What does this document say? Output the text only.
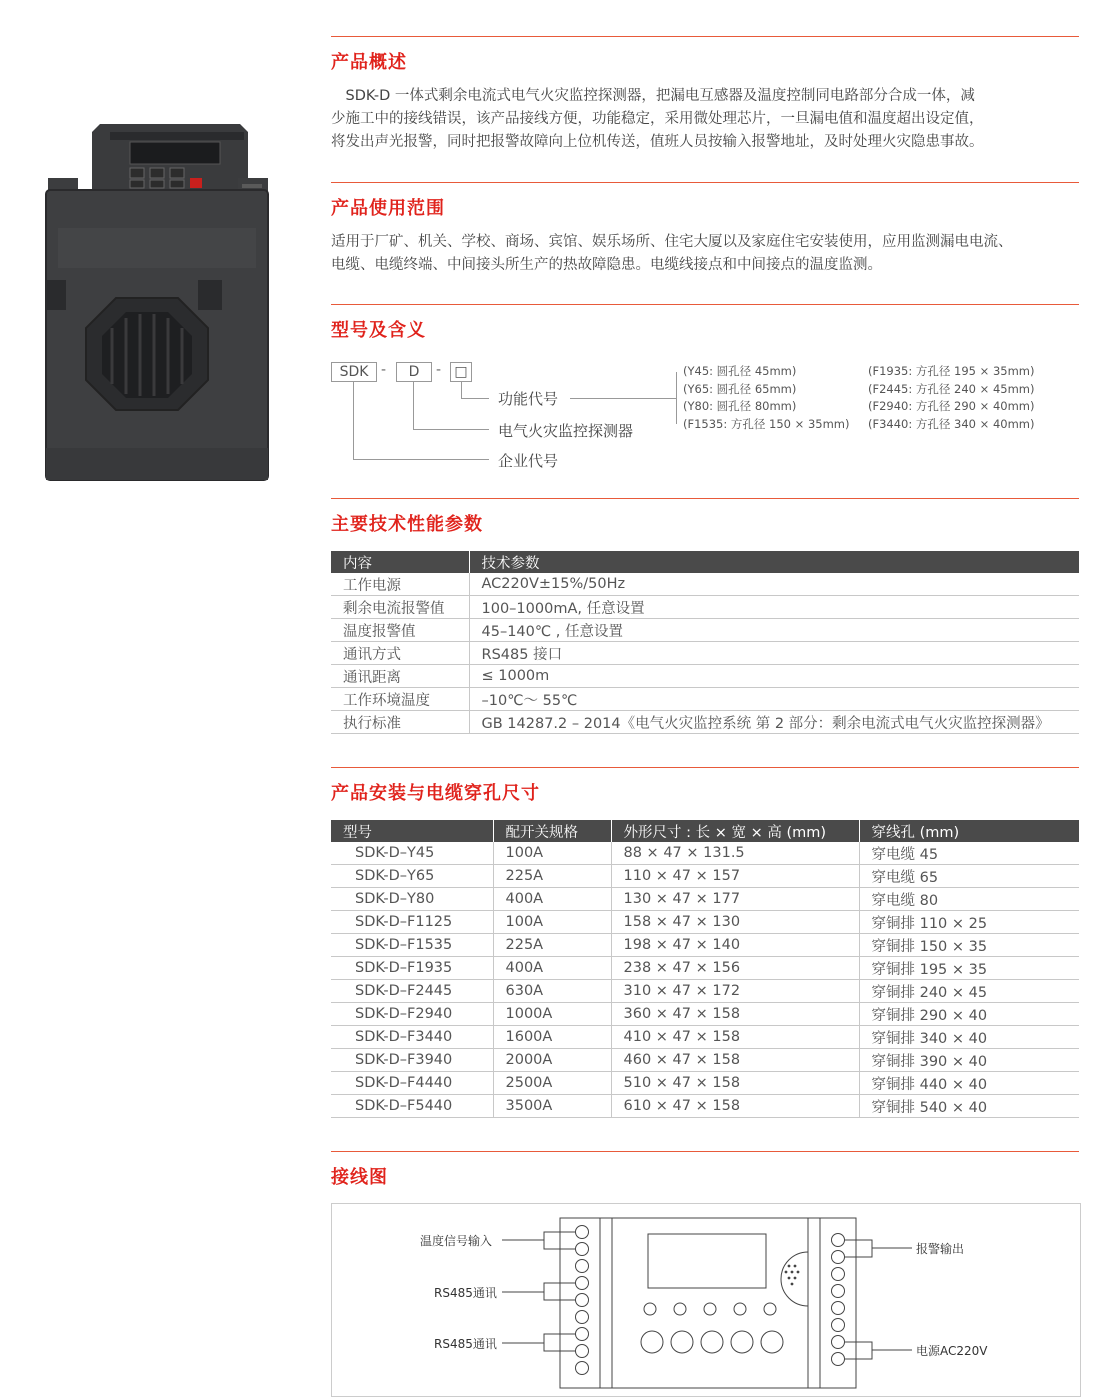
产品概述
　SDK-D 一体式剩余电流式电气火灾监控探测器，把漏电互感器及温度控制同电路部分合成一体，减
少施工中的接线错误，该产品接线方便，功能稳定，采用微处理芯片，一旦漏电值和温度超出设定值，
将发出声光报警，同时把报警故障向上位机传送，值班人员按输入报警地址，及时处理火灾隐患事故。
产品使用范围
适用于厂矿、机关、学校、商场、宾馆、娱乐场所、住宅大厦以及家庭住宅安装使用，应用监测漏电电流、
电缆、电缆终端、中间接头所生产的热故障隐患。电缆线接点和中间接点的温度监测。
型号及含义
SDK -	D	- □
功能代号
电气火灾监控探测器
企业代号
(Y45: 圆孔径 45mm)
(Y65: 圆孔径 65mm)
(Y80: 圆孔径 80mm)
(F1535: 方孔径 150 × 35mm)
(F1935: 方孔径 195 × 35mm)
(F2445: 方孔径 240 × 45mm)
(F2940: 方孔径 290 × 40mm)
(F3440: 方孔径 340 × 40mm)
主要技术性能参数
内容	技术参数
工作电源	AC220V±15%/50Hz
剩余电流报警值	100–1000mA, 任意设置
温度报警值	45–140℃ , 任意设置
通讯方式	RS485 接口
通讯距离	≤ 1000m
工作环境温度	–10℃～ 55℃
执行标准	GB 14287.2 – 2014《电气火灾监控系统 第 2 部分：剩余电流式电气火灾监控探测器》
产品安装与电缆穿孔尺寸
型号	配开关规格	外形尺寸 : 长 × 宽 × 高 (mm)	穿线孔 (mm)
SDK-D–Y45	100A	88 × 47 × 131.5	穿电缆 45
SDK-D–Y65	225A	110 × 47 × 157	穿电缆 65
SDK-D–Y80	400A	130 × 47 × 177	穿电缆 80
SDK-D–F1125	100A	158 × 47 × 130	穿铜排 110 × 25
SDK-D–F1535	225A	198 × 47 × 140	穿铜排 150 × 35
SDK-D–F1935	400A	238 × 47 × 156	穿铜排 195 × 35
SDK-D–F2445	630A	310 × 47 × 172	穿铜排 240 × 45
SDK-D–F2940	1000A	360 × 47 × 158	穿铜排 290 × 40
SDK-D–F3440	1600A	410 × 47 × 158	穿铜排 340 × 40
SDK-D–F3940	2000A	460 × 47 × 158	穿铜排 390 × 40
SDK-D–F4440	2500A	510 × 47 × 158	穿铜排 440 × 40
SDK-D–F5440	3500A	610 × 47 × 158	穿铜排 540 × 40
接线图
温度信号输入
RS485通讯
RS485通讯
报警输出
电源AC220V
